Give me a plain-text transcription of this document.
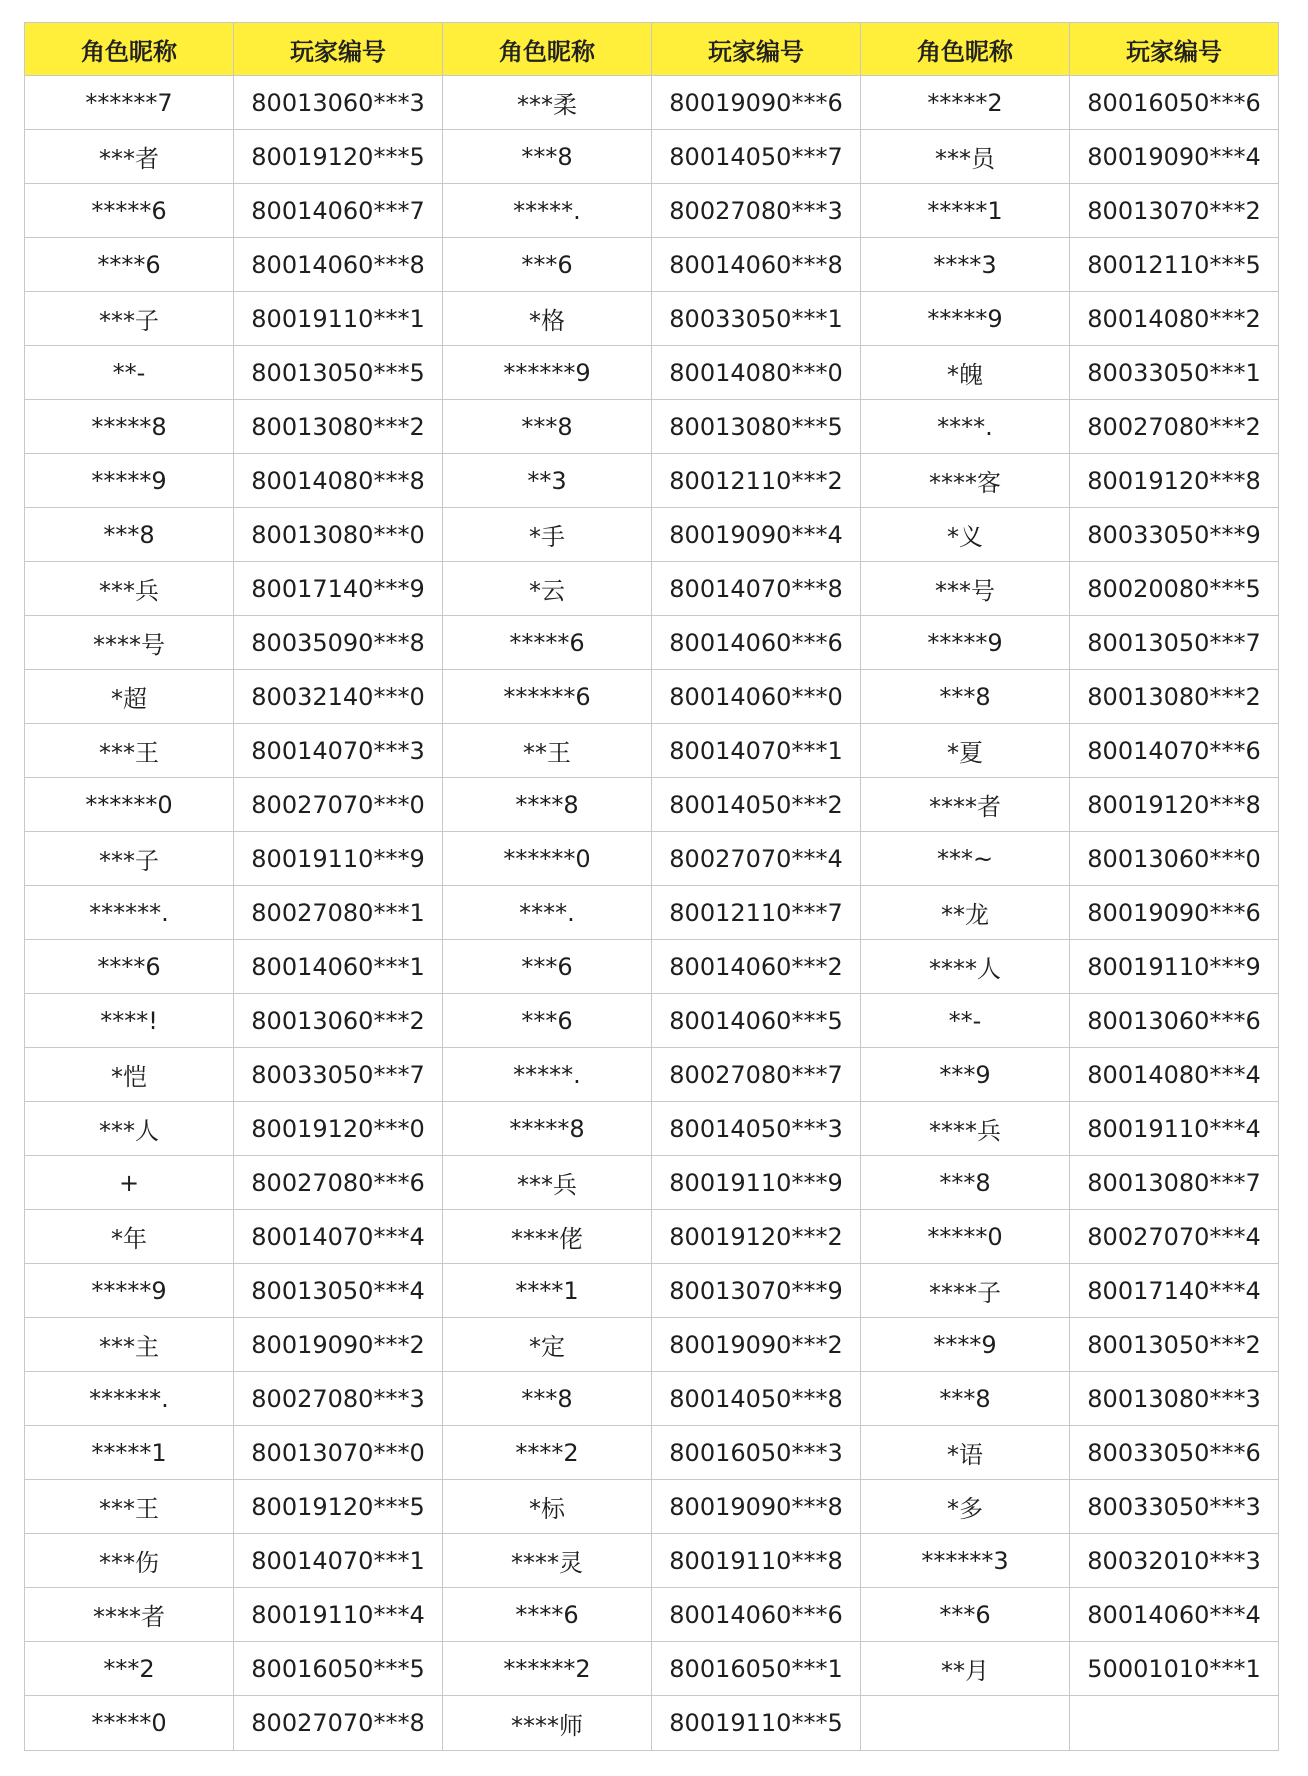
角色昵称	玩家编号	角色昵称	玩家编号	角色昵称	玩家编号
******7	80013060***3	***柔	80019090***6	*****2	80016050***6
***者	80019120***5	***8	80014050***7	***员	80019090***4
*****6	80014060***7	*****.	80027080***3	*****1	80013070***2
****6	80014060***8	***6	80014060***8	****3	80012110***5
***子	80019110***1	*格	80033050***1	*****9	80014080***2
**-	80013050***5	******9	80014080***0	*魄	80033050***1
*****8	80013080***2	***8	80013080***5	****.	80027080***2
*****9	80014080***8	**3	80012110***2	****客	80019120***8
***8	80013080***0	*手	80019090***4	*义	80033050***9
***兵	80017140***9	*云	80014070***8	***号	80020080***5
****号	80035090***8	*****6	80014060***6	*****9	80013050***7
*超	80032140***0	******6	80014060***0	***8	80013080***2
***王	80014070***3	**王	80014070***1	*夏	80014070***6
******0	80027070***0	****8	80014050***2	****者	80019120***8
***子	80019110***9	******0	80027070***4	***~	80013060***0
******.	80027080***1	****.	80012110***7	**龙	80019090***6
****6	80014060***1	***6	80014060***2	****人	80019110***9
****!	80013060***2	***6	80014060***5	**-	80013060***6
*恺	80033050***7	*****.	80027080***7	***9	80014080***4
***人	80019120***0	*****8	80014050***3	****兵	80019110***4
+	80027080***6	***兵	80019110***9	***8	80013080***7
*年	80014070***4	****佬	80019120***2	*****0	80027070***4
*****9	80013050***4	****1	80013070***9	****子	80017140***4
***主	80019090***2	*定	80019090***2	****9	80013050***2
******.	80027080***3	***8	80014050***8	***8	80013080***3
*****1	80013070***0	****2	80016050***3	*语	80033050***6
***王	80019120***5	*标	80019090***8	*多	80033050***3
***伤	80014070***1	****灵	80019110***8	******3	80032010***3
****者	80019110***4	****6	80014060***6	***6	80014060***4
***2	80016050***5	******2	80016050***1	**月	50001010***1
*****0	80027070***8	****师	80019110***5		
